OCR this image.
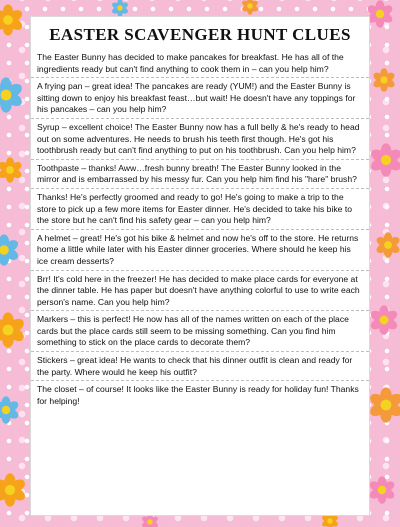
EASTER SCAVENGER HUNT CLUES
The Easter Bunny has decided to make pancakes for breakfast. He has all of the ingredients ready but can't find anything to cook them in – can you help him?
A frying pan – great idea! The pancakes are ready (YUM!) and the Easter Bunny is sitting down to enjoy his breakfast feast…but wait! He doesn't have any toppings for his pancakes – can you help him?
Syrup – excellent choice! The Easter Bunny now has a full belly & he's ready to head out on some adventures. He needs to brush his teeth first though. He's got his toothbrush ready but can't find anything to put on his toothbrush. Can you help him?
Toothpaste – thanks! Aww…fresh bunny breath! The Easter Bunny looked in the mirror and is embarrassed by his messy fur. Can you help him find his "hare" brush?
Thanks! He's perfectly groomed and ready to go! He's going to make a trip to the store to pick up a few more items for Easter dinner. He's decided to take his bike to the store but he can't find his safety gear – can you help him?
A helmet – great! He's got his bike & helmet and now he's off to the store. He returns home a little while later with his Easter dinner groceries. Where should he keep his ice cream desserts?
Brr! It's cold here in the freezer! He has decided to make place cards for everyone at the dinner table. He has paper but doesn't have anything colorful to use to write each person's name. Can you help him?
Markers – this is perfect! He now has all of the names written on each of the place cards but the place cards still seem to be missing something. Can you find him something to stick on the place cards to decorate them?
Stickers – great idea! He wants to check that his dinner outfit is clean and ready for the party. Where would he keep his outfit?
The closet – of course! It looks like the Easter Bunny is ready for holiday fun! Thanks for helping!
